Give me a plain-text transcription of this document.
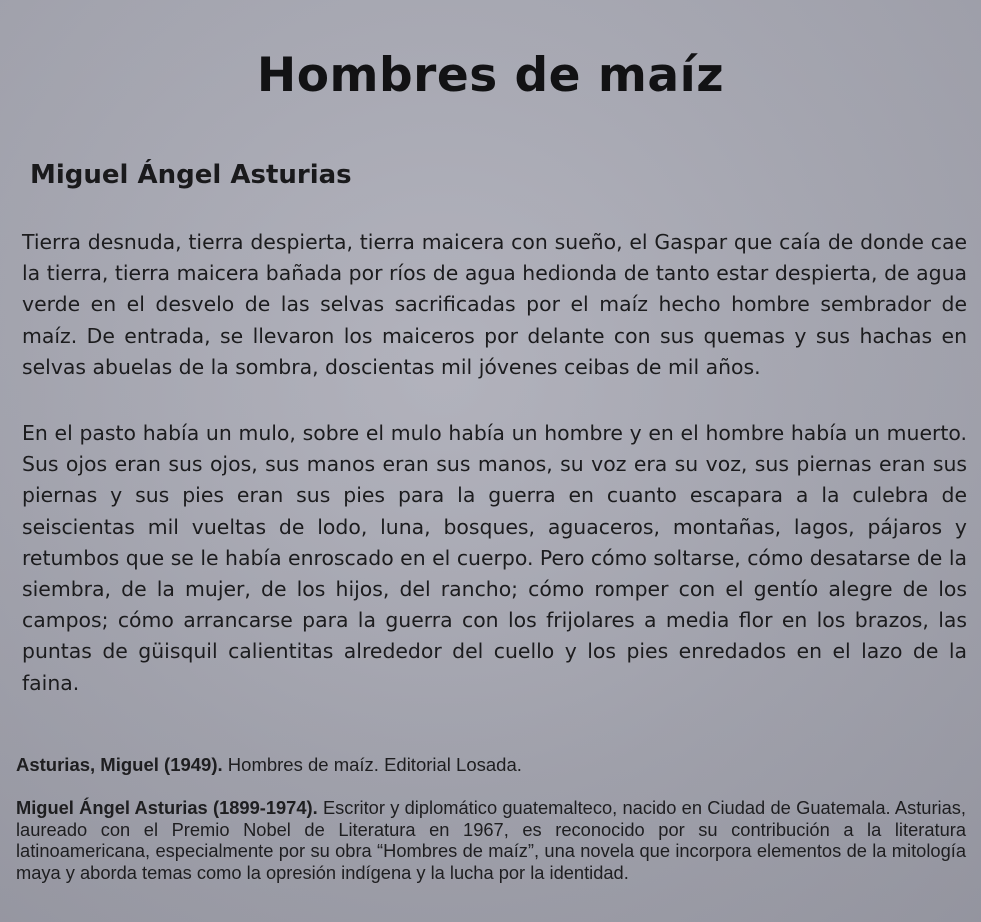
Hombres de maíz
Miguel Ángel Asturias

Tierra desnuda, tierra despierta, tierra maicera con sueño, el Gaspar que caía de donde cae la tierra, tierra maicera bañada por ríos de agua hedionda de tanto estar despierta, de agua verde en el desvelo de las selvas sacrificadas por el maíz hecho hombre sembrador de maíz. De entrada, se llevaron los maiceros por delante con sus quemas y sus hachas en selvas abuelas de la sombra, doscientas mil jóvenes ceibas de mil años.

En el pasto había un mulo, sobre el mulo había un hombre y en el hombre había un muerto. Sus ojos eran sus ojos, sus manos eran sus manos, su voz era su voz, sus piernas eran sus piernas y sus pies eran sus pies para la guerra en cuanto escapara a la culebra de seiscientas mil vueltas de lodo, luna, bosques, aguaceros, montañas, lagos, pájaros y retumbos que se le había enroscado en el cuerpo. Pero cómo soltarse, cómo desatarse de la siembra, de la mujer, de los hijos, del rancho; cómo romper con el gentío alegre de los campos; cómo arrancarse para la guerra con los frijolares a media flor en los brazos, las puntas de güisquil calientitas alrededor del cuello y los pies enredados en el lazo de la faina.

Asturias, Miguel (1949). Hombres de maíz. Editorial Losada.

Miguel Ángel Asturias (1899-1974). Escritor y diplomático guatemalteco, nacido en Ciudad de Guatemala. Asturias, laureado con el Premio Nobel de Literatura en 1967, es reconocido por su contribución a la literatura latinoamericana, especialmente por su obra “Hombres de maíz”, una novela que incorpora elementos de la mitología maya y aborda temas como la opresión indígena y la lucha por la identidad.
